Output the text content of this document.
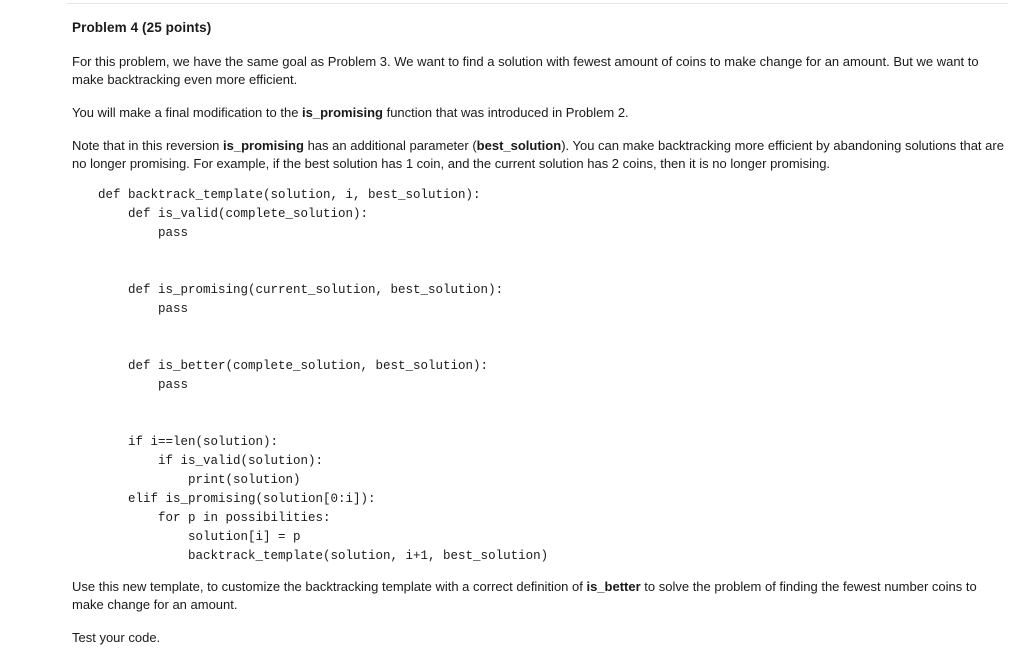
Problem 4 (25 points)

For this problem, we have the same goal as Problem 3. We want to find a solution with fewest amount of coins to make change for an amount. But we want to make backtracking even more efficient.

You will make a final modification to the is_promising function that was introduced in Problem 2.

Note that in this reversion is_promising has an additional parameter (best_solution). You can make backtracking more efficient by abandoning solutions that are no longer promising. For example, if the best solution has 1 coin, and the current solution has 2 coins, then it is no longer promising.

def backtrack_template(solution, i, best_solution):
def is_valid(complete_solution):
pass
def is_promising(current_solution, best_solution):
pass
def is_better(complete_solution, best_solution):
pass
if i==len(solution):
if is_valid(solution):
print(solution)
elif is_promising(solution[0:i]):
for p in possibilities:
solution[i] = p
backtrack_template(solution, i+1, best_solution)

Use this new template, to customize the backtracking template with a correct definition of is_better to solve the problem of finding the fewest number coins to make change for an amount.

Test your code.
